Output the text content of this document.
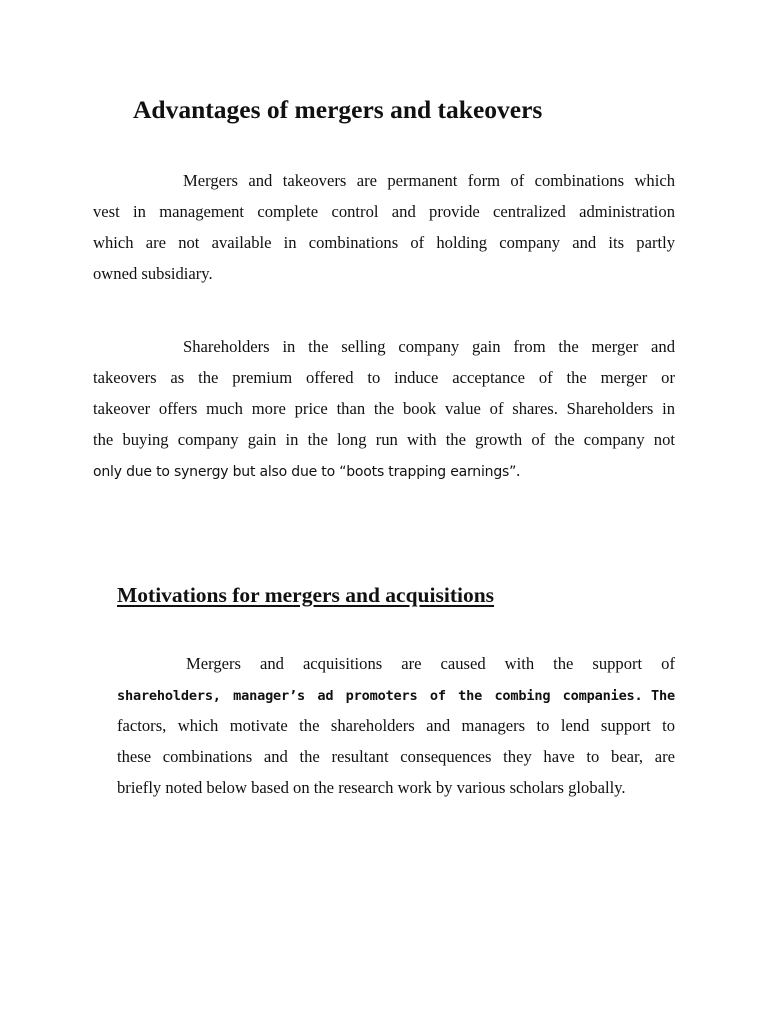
Advantages of mergers and takeovers
Mergers and takeovers are permanent form of combinations which
vest in management complete control and provide centralized administration
which are not available in combinations of holding company and its partly
owned subsidiary.
Shareholders in the selling company gain from the merger and
takeovers as the premium offered to induce acceptance of the merger or
takeover offers much more price than the book value of shares. Shareholders in
the buying company gain in the long run with the growth of the company not
only due to synergy but also due to “boots trapping earnings”.
Motivations for mergers and acquisitions
Mergers and acquisitions are caused with the support of
shareholders, manager’s ad promoters of the combing companies. The
factors, which motivate the shareholders and managers to lend support to
these combinations and the resultant consequences they have to bear, are
briefly noted below based on the research work by various scholars globally.
